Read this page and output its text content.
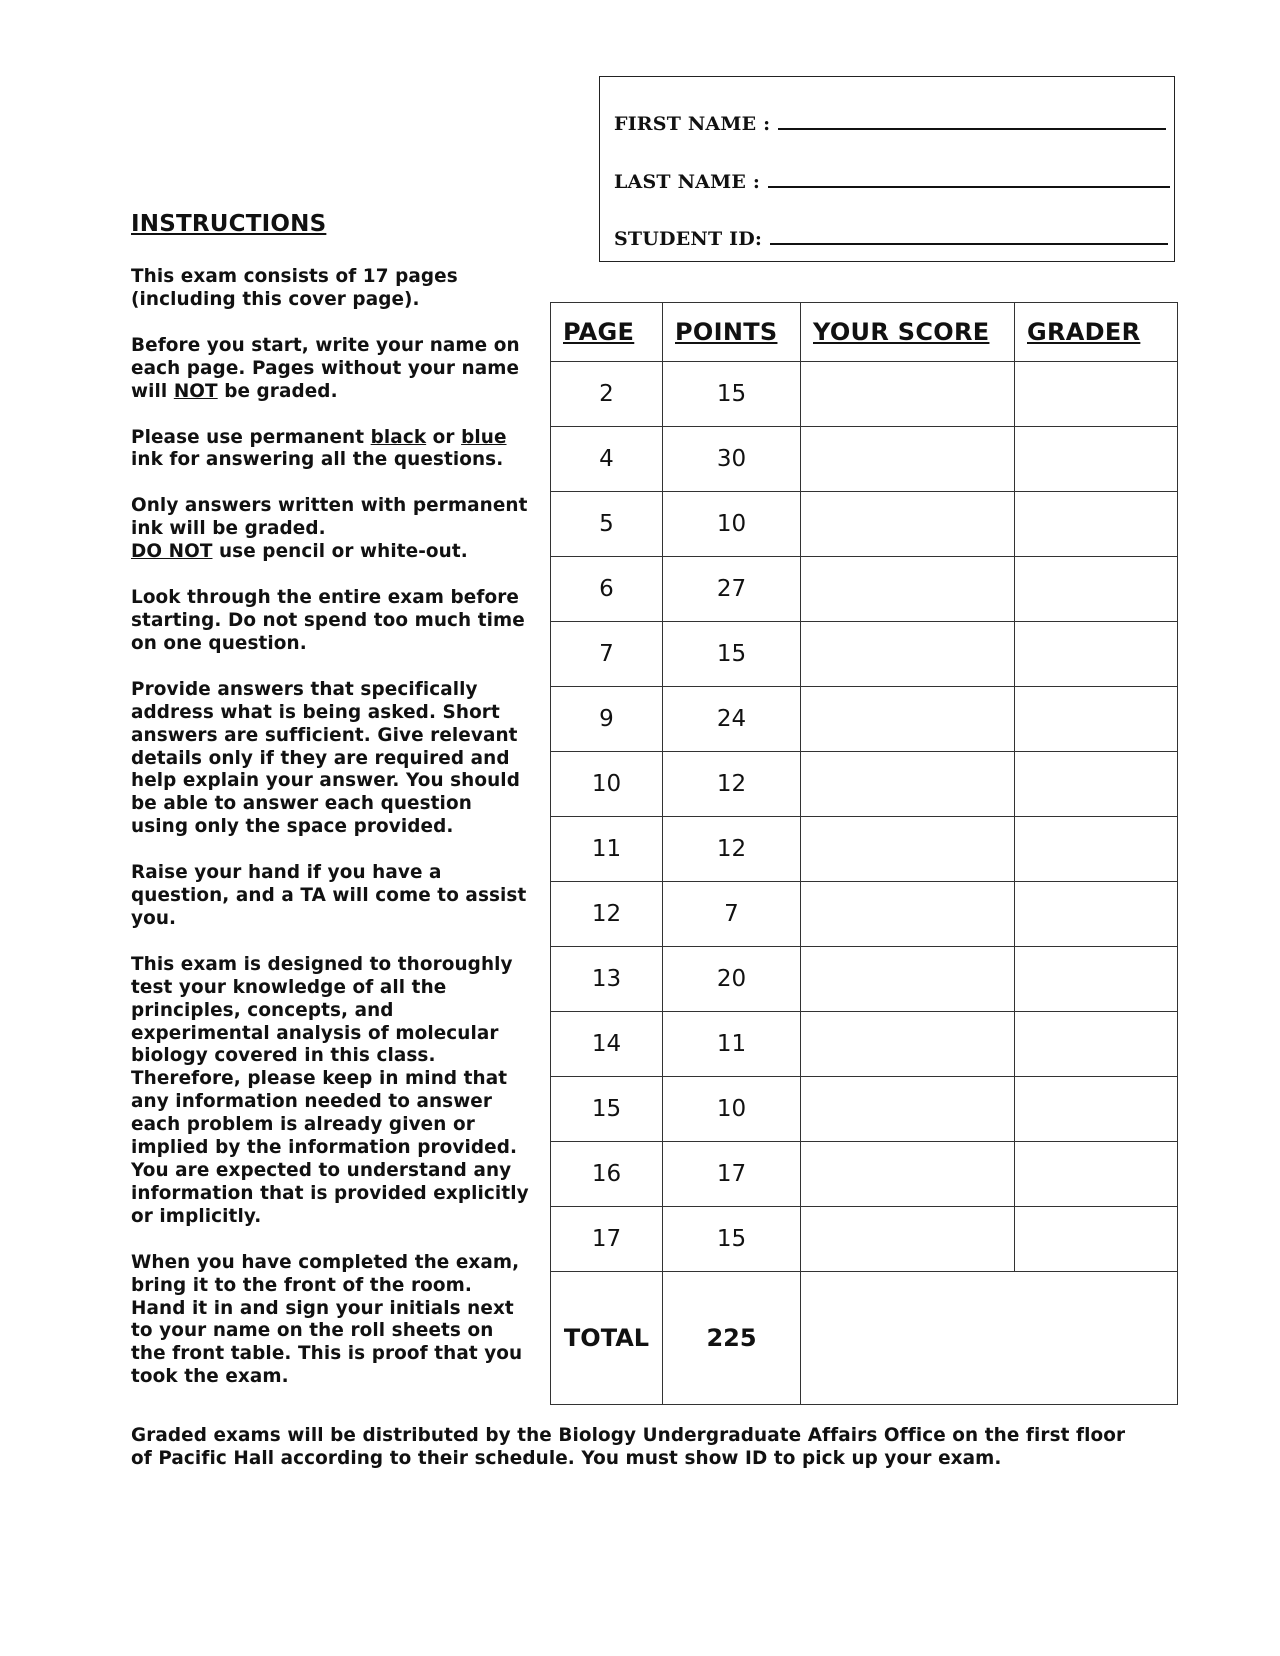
FIRST NAME :
LAST NAME :
STUDENT ID:
INSTRUCTIONS

This exam consists of 17 pages (including this cover page).

Before you start, write your name on each page. Pages without your name will NOT be graded.

Please use permanent black or blue ink for answering all the questions.

Only answers written with permanent ink will be graded.
DO NOT use pencil or white-out.

Look through the entire exam before starting. Do not spend too much time on one question.

Provide answers that specifically address what is being asked. Short answers are sufficient. Give relevant details only if they are required and help explain your answer. You should be able to answer each question using only the space provided.

Raise your hand if you have a question, and a TA will come to assist you.

This exam is designed to thoroughly test your knowledge of all the principles, concepts, and experimental analysis of molecular biology covered in this class. Therefore, please keep in mind that any information needed to answer each problem is already given or implied by the information provided. You are expected to understand any information that is provided explicitly or implicitly.

When you have completed the exam, bring it to the front of the room. Hand it in and sign your initials next to your name on the roll sheets on the front table. This is proof that you took the exam.

PAGE	POINTS	YOUR SCORE	GRADER
2	15		
4	30		
5	10		
6	27		
7	15		
9	24		
10	12		
11	12		
12	7		
13	20		
14	11		
15	10		
16	17		
17	15		
TOTAL	225		
Graded exams will be distributed by the Biology Undergraduate Affairs Office on the first floor of Pacific Hall according to their schedule. You must show ID to pick up your exam.
